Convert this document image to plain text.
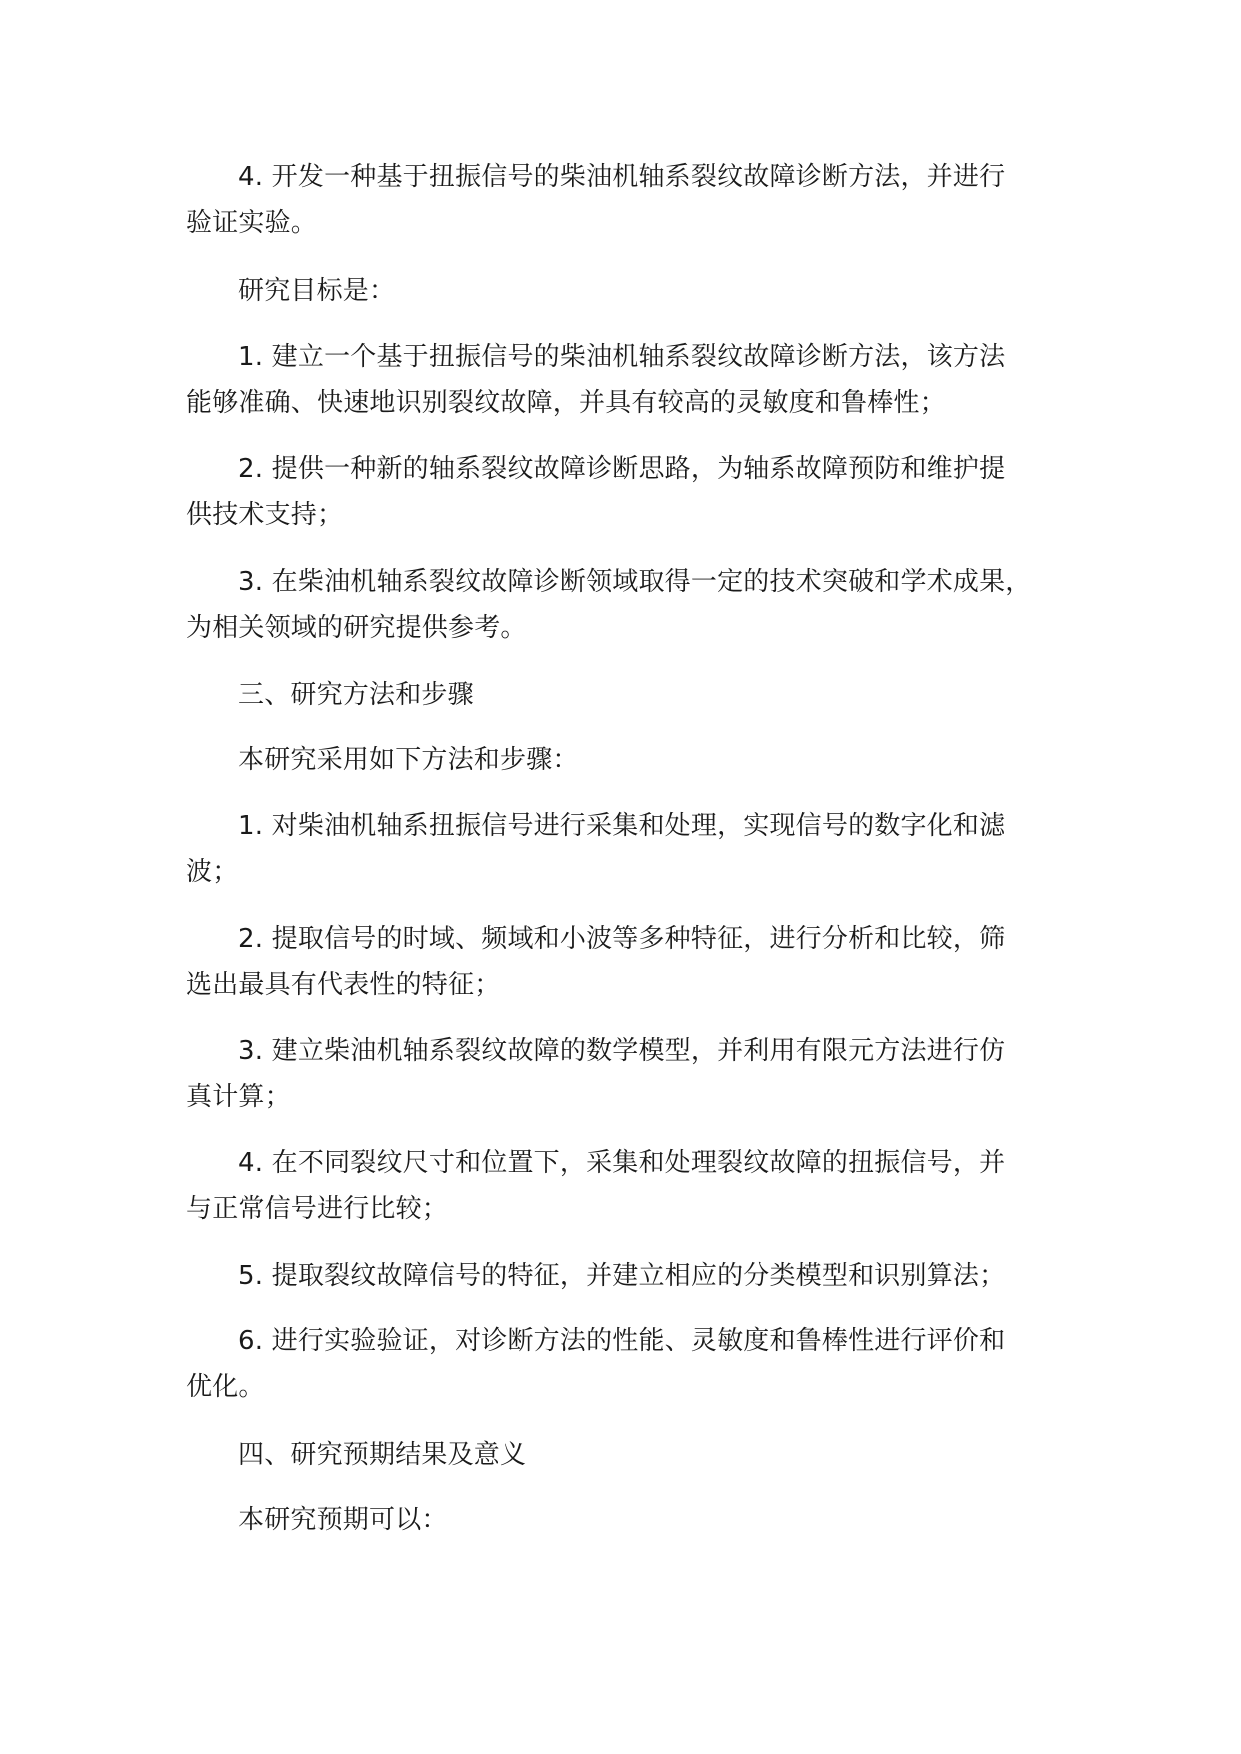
4. 开发一种基于扭振信号的柴油机轴系裂纹故障诊断方法，并进行
验证实验。

研究目标是：

1. 建立一个基于扭振信号的柴油机轴系裂纹故障诊断方法，该方法
能够准确、快速地识别裂纹故障，并具有较高的灵敏度和鲁棒性；

2. 提供一种新的轴系裂纹故障诊断思路，为轴系故障预防和维护提
供技术支持；

3. 在柴油机轴系裂纹故障诊断领域取得一定的技术突破和学术成果，
为相关领域的研究提供参考。

三、研究方法和步骤

本研究采用如下方法和步骤：

1. 对柴油机轴系扭振信号进行采集和处理，实现信号的数字化和滤
波；

2. 提取信号的时域、频域和小波等多种特征，进行分析和比较，筛
选出最具有代表性的特征；

3. 建立柴油机轴系裂纹故障的数学模型，并利用有限元方法进行仿
真计算；

4. 在不同裂纹尺寸和位置下，采集和处理裂纹故障的扭振信号，并
与正常信号进行比较；

5. 提取裂纹故障信号的特征，并建立相应的分类模型和识别算法；

6. 进行实验验证，对诊断方法的性能、灵敏度和鲁棒性进行评价和
优化。

四、研究预期结果及意义

本研究预期可以：
